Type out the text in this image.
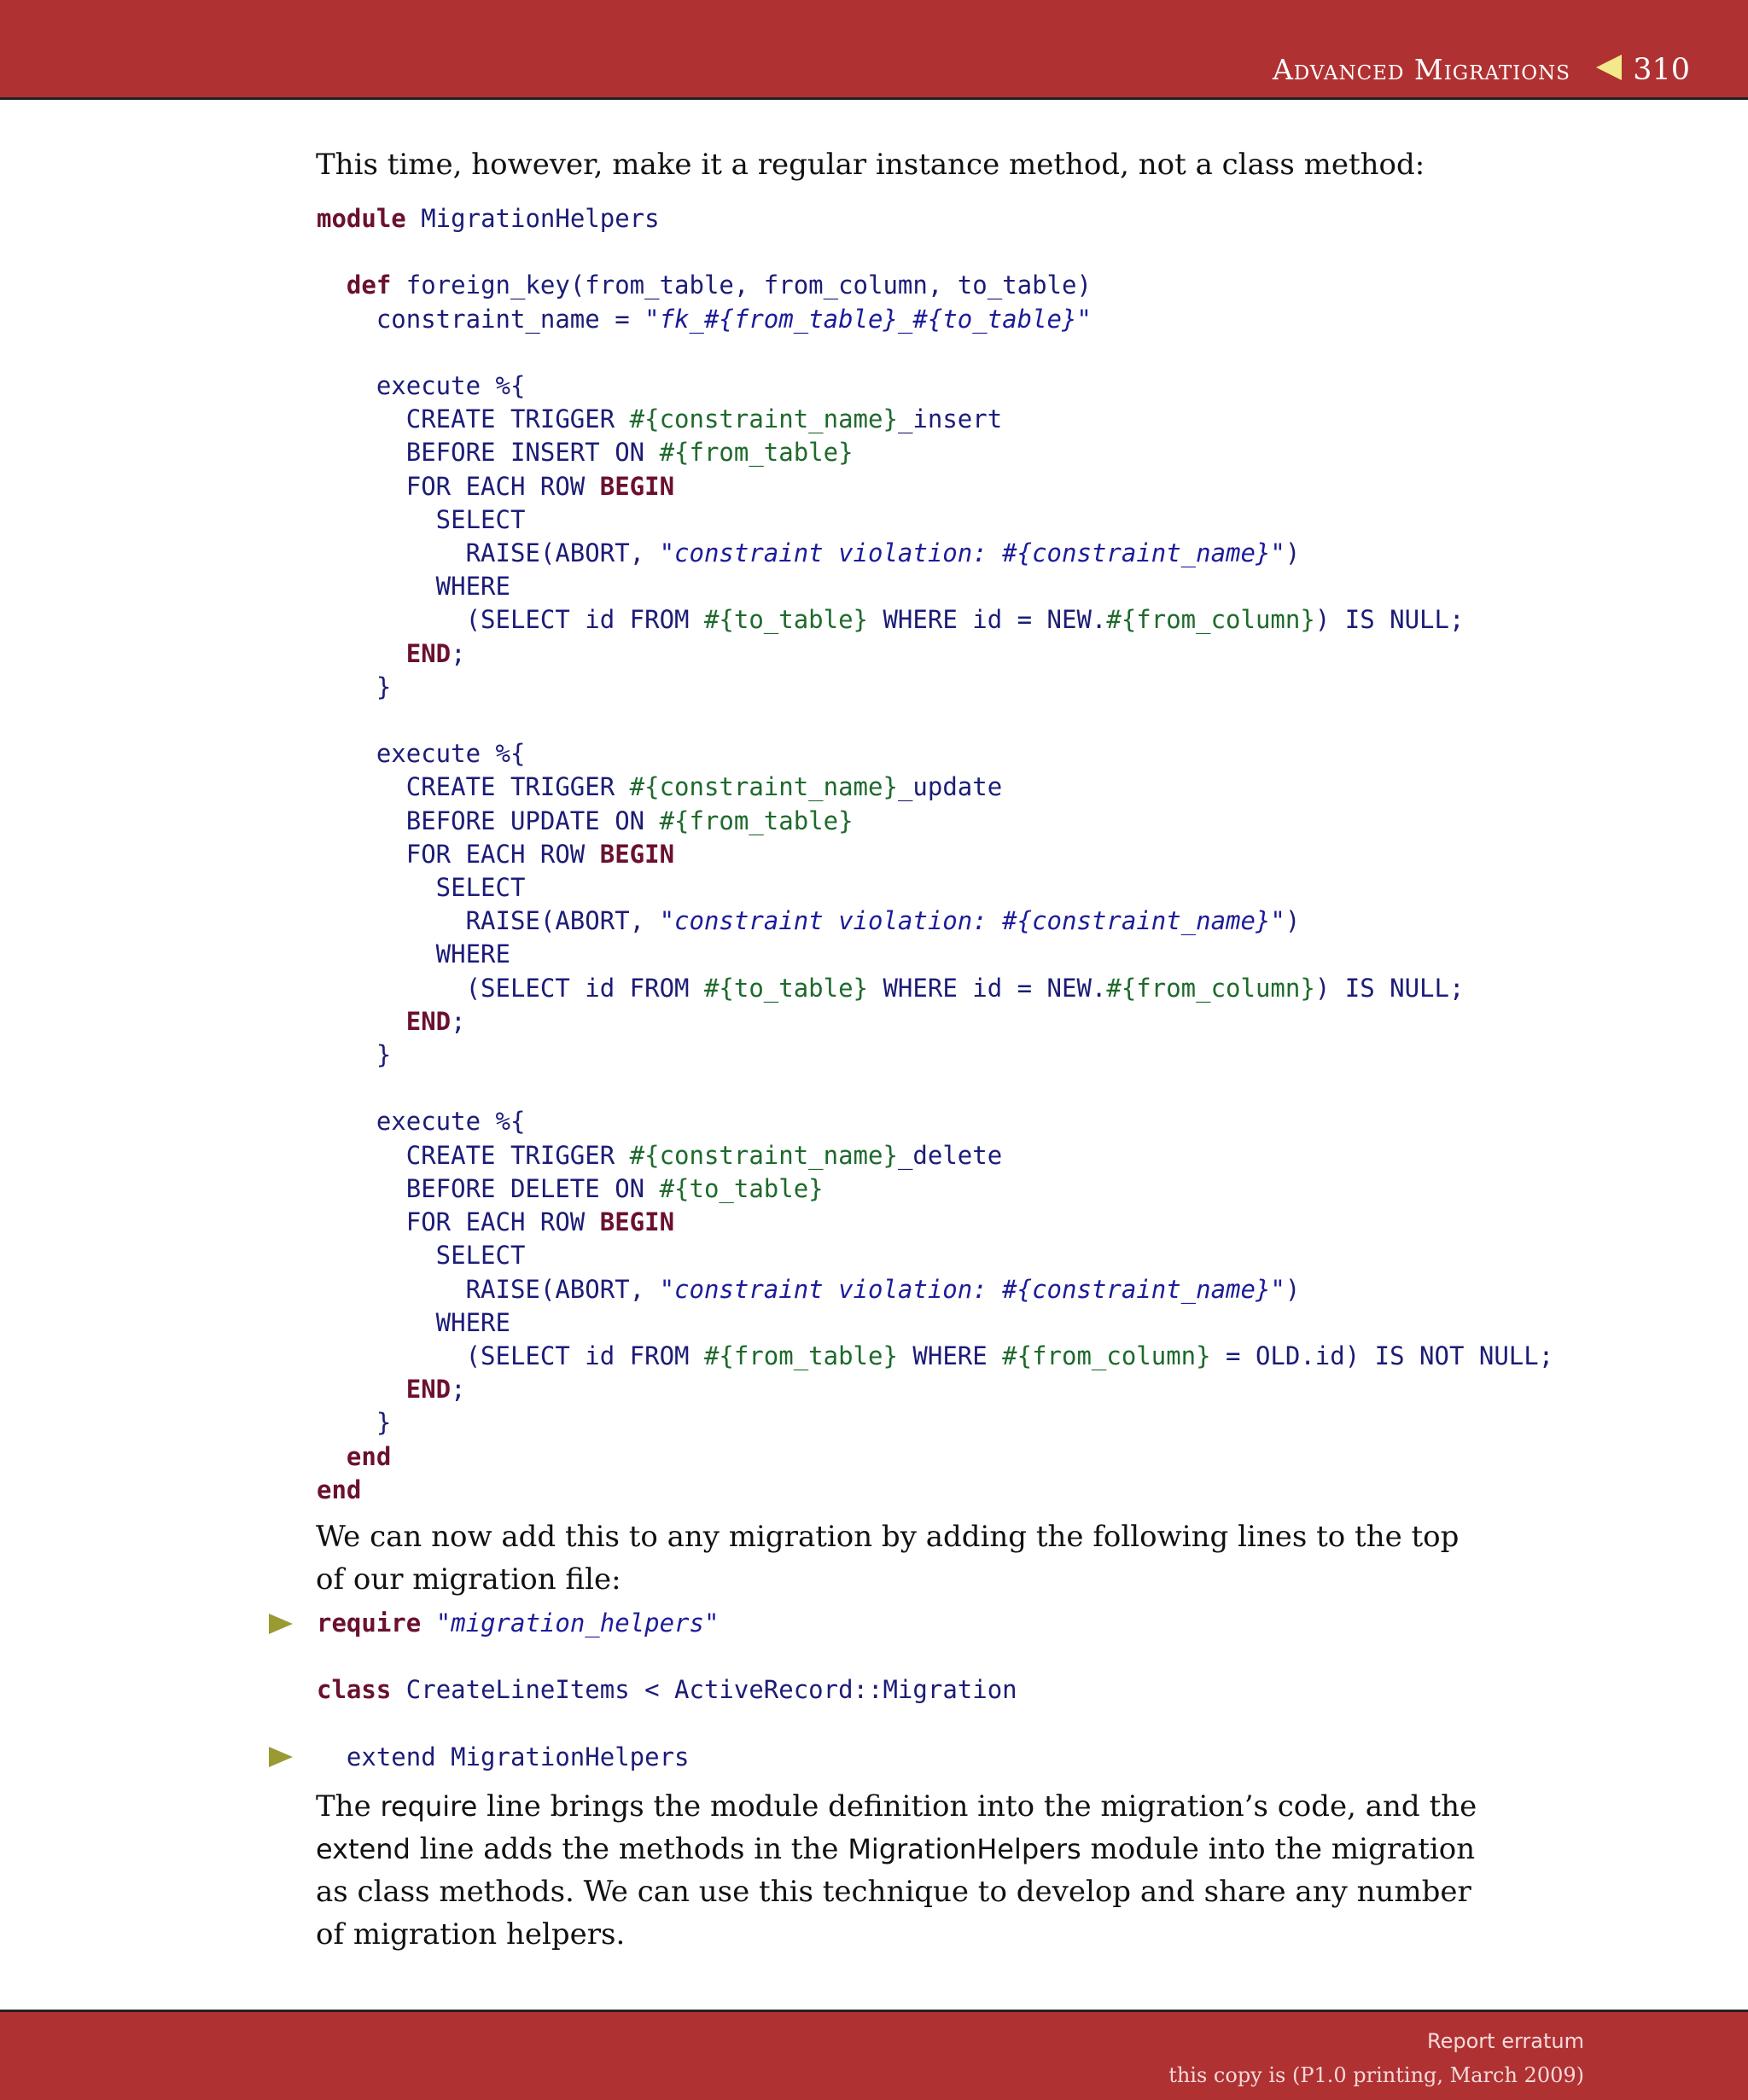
Advanced Migrations 310

This time, however, make it a regular instance method, not a class method:

module MigrationHelpers

def foreign_key(from_table, from_column, to_table)
constraint_name = "fk_#{from_table}_#{to_table}"

execute %{
CREATE TRIGGER #{constraint_name}_insert
BEFORE INSERT ON #{from_table}
FOR EACH ROW BEGIN
SELECT
RAISE(ABORT, "constraint violation: #{constraint_name}")
WHERE
(SELECT id FROM #{to_table} WHERE id = NEW.#{from_column}) IS NULL;
END;
}

execute %{
CREATE TRIGGER #{constraint_name}_update
BEFORE UPDATE ON #{from_table}
FOR EACH ROW BEGIN
SELECT
RAISE(ABORT, "constraint violation: #{constraint_name}")
WHERE
(SELECT id FROM #{to_table} WHERE id = NEW.#{from_column}) IS NULL;
END;
}

execute %{
CREATE TRIGGER #{constraint_name}_delete
BEFORE DELETE ON #{to_table}
FOR EACH ROW BEGIN
SELECT
RAISE(ABORT, "constraint violation: #{constraint_name}")
WHERE
(SELECT id FROM #{from_table} WHERE #{from_column} = OLD.id) IS NOT NULL;
END;
}
end
end

We can now add this to any migration by adding the following lines to the top of our migration file:

require "migration_helpers"

class CreateLineItems < ActiveRecord::Migration

extend MigrationHelpers

The require line brings the module definition into the migration’s code, and the extend line adds the methods in the MigrationHelpers module into the migration as class methods. We can use this technique to develop and share any number of migration helpers.

Report erratum
this copy is (P1.0 printing, March 2009)
